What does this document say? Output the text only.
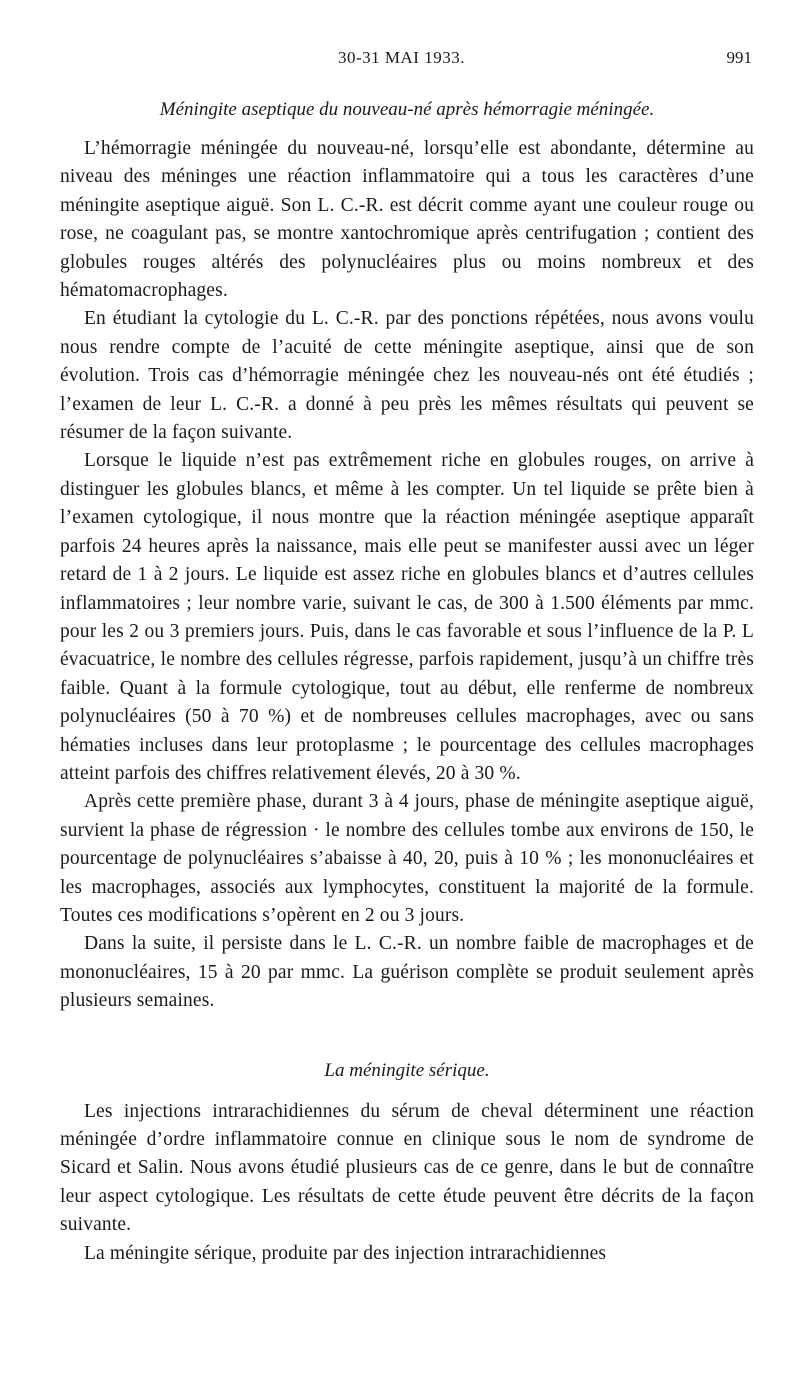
30-31 MAI 1933.	991
Méningite aseptique du nouveau-né après hémorragie méningée.

L’hémorragie méningée du nouveau-né, lorsqu’elle est abondante, détermine au niveau des méninges une réaction inflammatoire qui a tous les caractères d’une méningite aseptique aiguë. Son L. C.-R. est décrit comme ayant une couleur rouge ou rose, ne coagulant pas, se montre xantochromique après centrifugation ; contient des globules rouges altérés des polynucléaires plus ou moins nombreux et des hématomacrophages.

En étudiant la cytologie du L. C.-R. par des ponctions répétées, nous avons voulu nous rendre compte de l’acuité de cette méningite aseptique, ainsi que de son évolution. Trois cas d’hémorragie méningée chez les nouveau-nés ont été étudiés ; l’examen de leur L. C.-R. a donné à peu près les mêmes résultats qui peuvent se résumer de la façon suivante.

Lorsque le liquide n’est pas extrêmement riche en globules rouges, on arrive à distinguer les globules blancs, et même à les compter. Un tel liquide se prête bien à l’examen cytologique, il nous montre que la réaction méningée aseptique apparaît parfois 24 heures après la naissance, mais elle peut se manifester aussi avec un léger retard de 1 à 2 jours. Le liquide est assez riche en globules blancs et d’autres cellules inflammatoires ; leur nombre varie, suivant le cas, de 300 à 1.500 éléments par mmc. pour les 2 ou 3 premiers jours. Puis, dans le cas favorable et sous l’influence de la P. L évacuatrice, le nombre des cellules régresse, parfois rapidement, jusqu’à un chiffre très faible. Quant à la formule cytologique, tout au début, elle renferme de nombreux polynucléaires (50 à 70 %) et de nombreuses cellules macrophages, avec ou sans hématies incluses dans leur protoplasme ; le pourcentage des cellules macrophages atteint parfois des chiffres relativement élevés, 20 à 30 %.

Après cette première phase, durant 3 à 4 jours, phase de méningite aseptique aiguë, survient la phase de régression · le nombre des cellules tombe aux environs de 150, le pourcentage de polynucléaires s’abaisse à 40, 20, puis à 10 % ; les mononucléaires et les macrophages, associés aux lymphocytes, constituent la majorité de la formule. Toutes ces modifications s’opèrent en 2 ou 3 jours.

Dans la suite, il persiste dans le L. C.-R. un nombre faible de macrophages et de mononucléaires, 15 à 20 par mmc. La guérison complète se produit seulement après plusieurs semaines.

La méningite sérique.

Les injections intrarachidiennes du sérum de cheval déterminent une réaction méningée d’ordre inflammatoire connue en clinique sous le nom de syndrome de Sicard et Salin. Nous avons étudié plusieurs cas de ce genre, dans le but de connaître leur aspect cytologique. Les résultats de cette étude peuvent être décrits de la façon suivante.

La méningite sérique, produite par des injection intrarachidiennes
